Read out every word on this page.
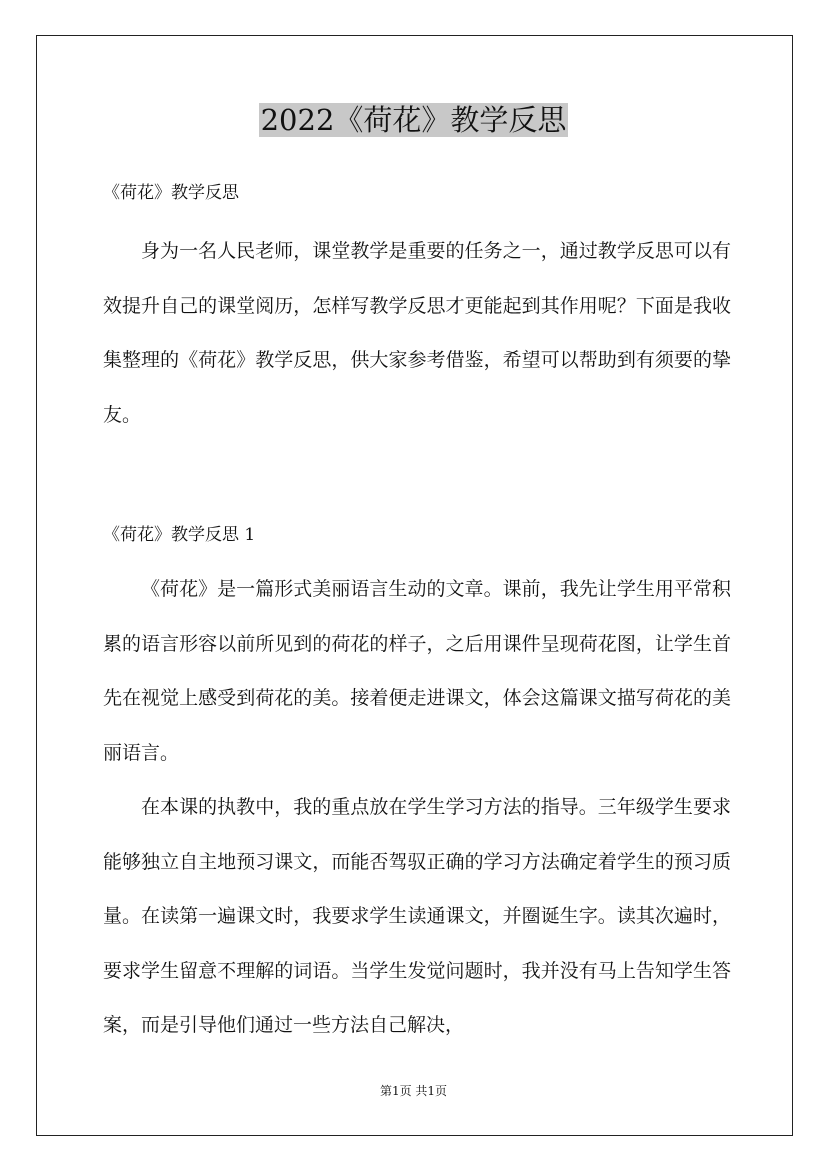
2022《荷花》教学反思

《荷花》教学反思

身为一名人民老师，课堂教学是重要的任务之一，通过教学反思可以有效提升自己的课堂阅历，怎样写教学反思才更能起到其作用呢？下面是我收集整理的《荷花》教学反思，供大家参考借鉴，希望可以帮助到有须要的挚友。

《荷花》教学反思 1

《荷花》是一篇形式美丽语言生动的文章。课前，我先让学生用平常积累的语言形容以前所见到的荷花的样子，之后用课件呈现荷花图，让学生首先在视觉上感受到荷花的美。接着便走进课文，体会这篇课文描写荷花的美丽语言。

在本课的执教中，我的重点放在学生学习方法的指导。三年级学生要求能够独立自主地预习课文，而能否驾驭正确的学习方法确定着学生的预习质量。在读第一遍课文时，我要求学生读通课文，并圈诞生字。读其次遍时，要求学生留意不理解的词语。当学生发觉问题时，我并没有马上告知学生答案，而是引导他们通过一些方法自己解决，

第1页 共1页
